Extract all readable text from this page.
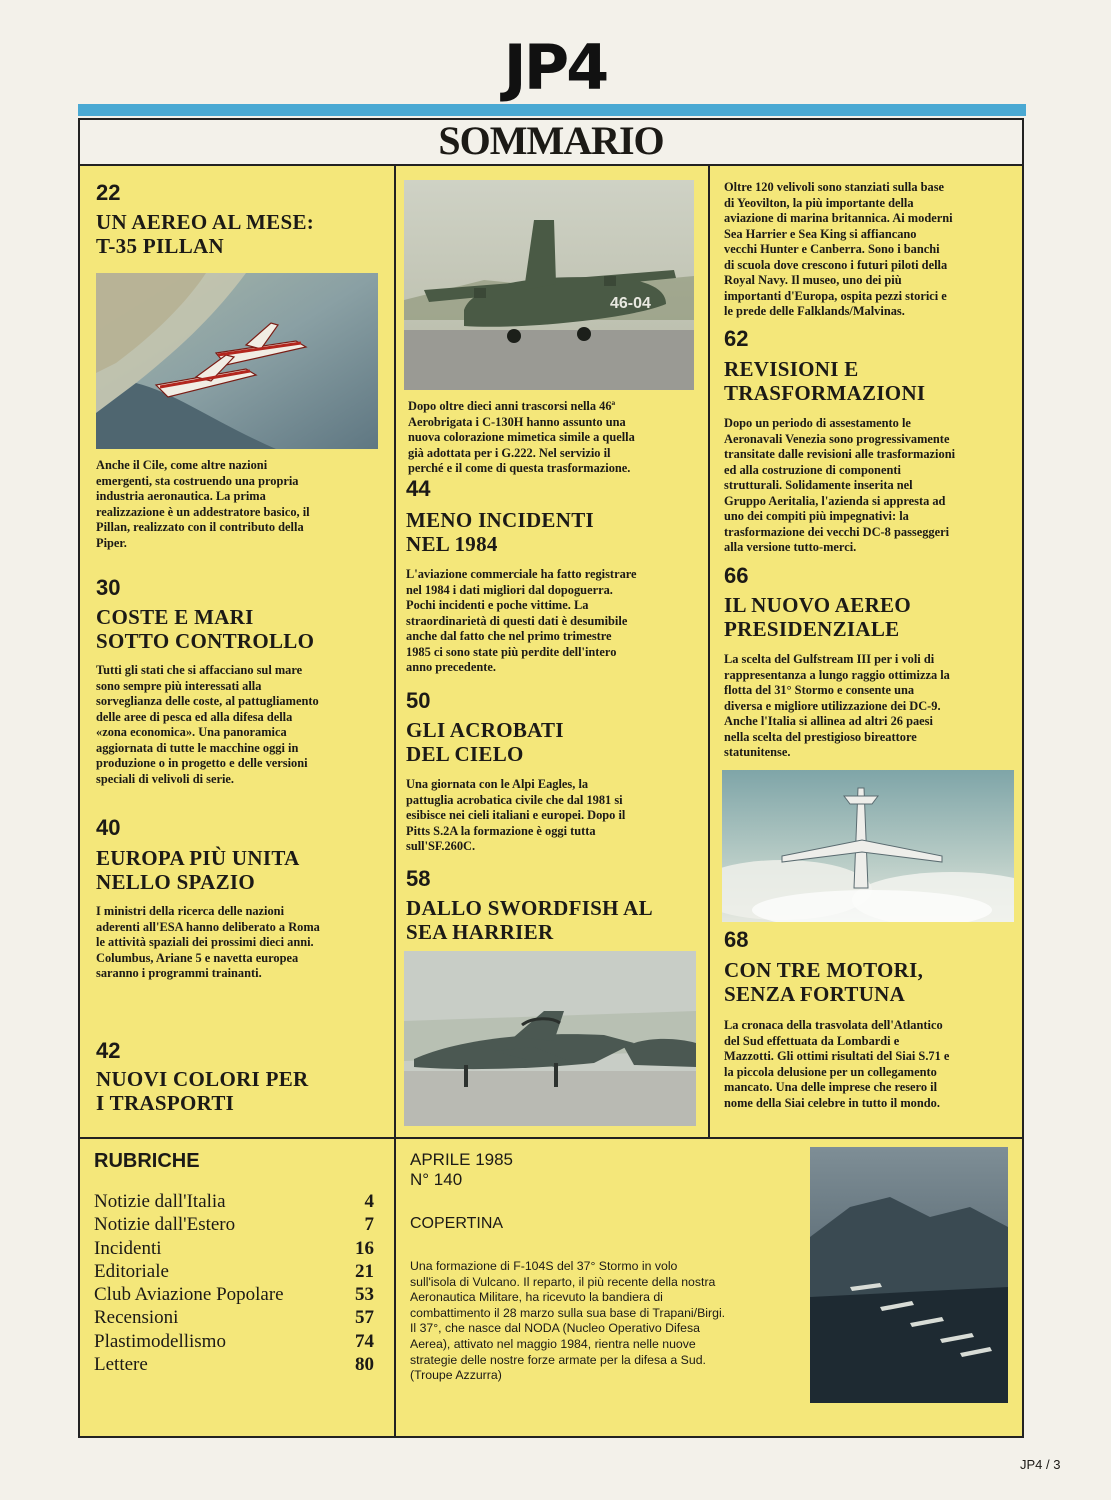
JP4
SOMMARIO
22
UN AEREO AL MESE:
T-35 PILLAN
Anche il Cile, come altre nazioni
emergenti, sta costruendo una propria
industria aeronautica. La prima
realizzazione è un addestratore basico, il
Pillan, realizzato con il contributo della
Piper.
30
COSTE E MARI
SOTTO CONTROLLO
Tutti gli stati che si affacciano sul mare
sono sempre più interessati alla
sorveglianza delle coste, al pattugliamento
delle aree di pesca ed alla difesa della
«zona economica». Una panoramica
aggiornata di tutte le macchine oggi in
produzione o in progetto e delle versioni
speciali di velivoli di serie.
40
EUROPA PIÙ UNITA
NELLO SPAZIO
I ministri della ricerca delle nazioni
aderenti all'ESA hanno deliberato a Roma
le attività spaziali dei prossimi dieci anni.
Columbus, Ariane 5 e navetta europea
saranno i programmi trainanti.
42
NUOVI COLORI PER
I TRASPORTI
46-04
Dopo oltre dieci anni trascorsi nella 46ª
Aerobrigata i C-130H hanno assunto una
nuova colorazione mimetica simile a quella
già adottata per i G.222. Nel servizio il
perché e il come di questa trasformazione.
44
MENO INCIDENTI
NEL 1984
L'aviazione commerciale ha fatto registrare
nel 1984 i dati migliori dal dopoguerra.
Pochi incidenti e poche vittime. La
straordinarietà di questi dati è desumibile
anche dal fatto che nel primo trimestre
1985 ci sono state più perdite dell'intero
anno precedente.
50
GLI ACROBATI
DEL CIELO
Una giornata con le Alpi Eagles, la
pattuglia acrobatica civile che dal 1981 si
esibisce nei cieli italiani e europei. Dopo il
Pitts S.2A la formazione è oggi tutta
sull'SF.260C.
58
DALLO SWORDFISH AL
SEA HARRIER
Oltre 120 velivoli sono stanziati sulla base
di Yeovilton, la più importante della
aviazione di marina britannica. Ai moderni
Sea Harrier e Sea King si affiancano
vecchi Hunter e Canberra. Sono i banchi
di scuola dove crescono i futuri piloti della
Royal Navy. Il museo, uno dei più
importanti d'Europa, ospita pezzi storici e
le prede delle Falklands/Malvinas.
62
REVISIONI E
TRASFORMAZIONI
Dopo un periodo di assestamento le
Aeronavali Venezia sono progressivamente
transitate dalle revisioni alle trasformazioni
ed alla costruzione di componenti
strutturali. Solidamente inserita nel
Gruppo Aeritalia, l'azienda si appresta ad
uno dei compiti più impegnativi: la
trasformazione dei vecchi DC-8 passeggeri
alla versione tutto-merci.
66
IL NUOVO AEREO
PRESIDENZIALE
La scelta del Gulfstream III per i voli di
rappresentanza a lungo raggio ottimizza la
flotta del 31° Stormo e consente una
diversa e migliore utilizzazione dei DC-9.
Anche l'Italia si allinea ad altri 26 paesi
nella scelta del prestigioso bireattore
statunitense.
68
CON TRE MOTORI,
SENZA FORTUNA
La cronaca della trasvolata dell'Atlantico
del Sud effettuata da Lombardi e
Mazzotti. Gli ottimi risultati del Siai S.71 e
la piccola delusione per un collegamento
mancato. Una delle imprese che resero il
nome della Siai celebre in tutto il mondo.
RUBRICHE
Notizie dall'Italia	4
Notizie dall'Estero	7
Incidenti	16
Editoriale	21
Club Aviazione Popolare	53
Recensioni	57
Plastimodellismo	74
Lettere	80
APRILE 1985
N° 140
COPERTINA
Una formazione di F-104S del 37° Stormo in volo
sull'isola di Vulcano. Il reparto, il più recente della nostra
Aeronautica Militare, ha ricevuto la bandiera di
combattimento il 28 marzo sulla sua base di Trapani/Birgi.
Il 37°, che nasce dal NODA (Nucleo Operativo Difesa
Aerea), attivato nel maggio 1984, rientra nelle nuove
strategie delle nostre forze armate per la difesa a Sud.
(Troupe Azzurra)
JP4 / 3
